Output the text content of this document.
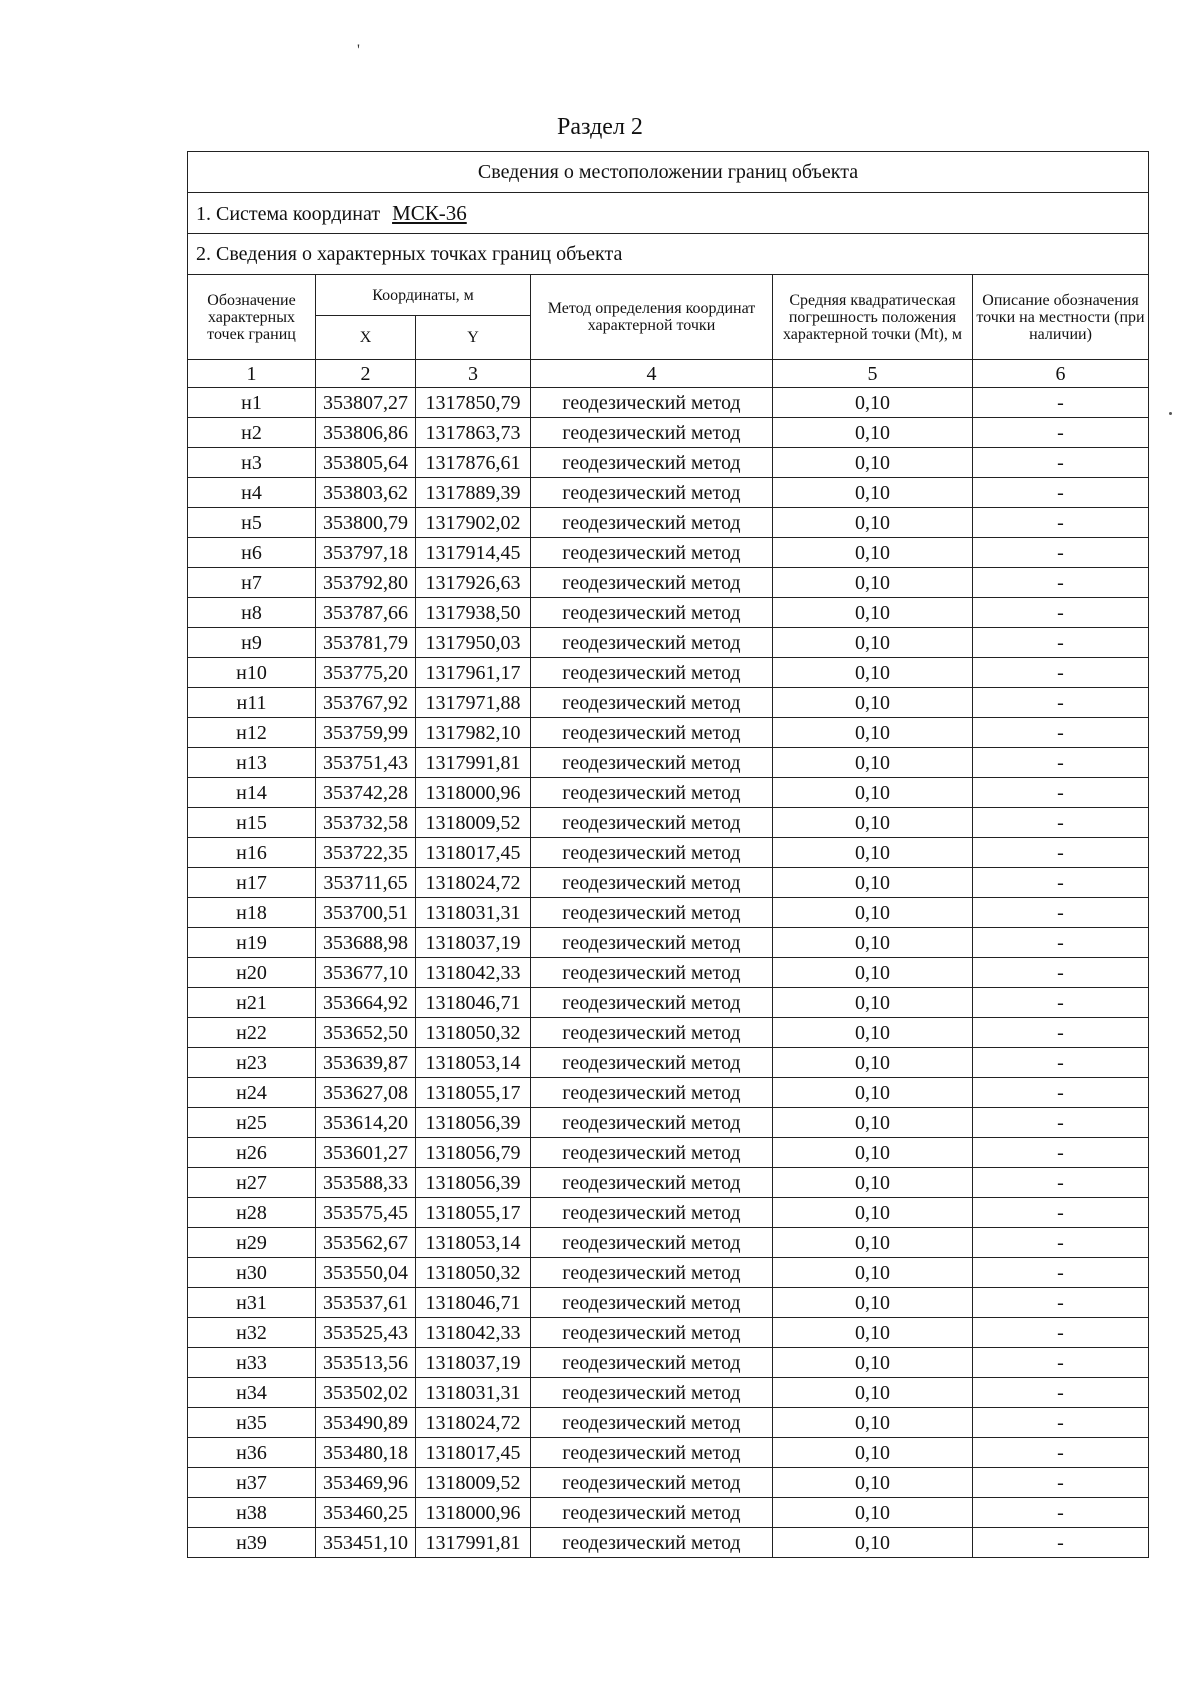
'
Раздел 2
Сведения о местоположении границ объекта					
1. Система координат МСК-36					
2. Сведения о характерных точках границ объекта					
Обозначение характерных точек границ	Координаты, м		Метод определения координат характерной точки	Средняя квадратическая погрешность положения характерной точки (Mt), м	Описание обозначения точки на местности (при наличии)
	X	Y			
1	2	3	4	5	6
н1	353807,27	1317850,79	геодезический метод	0,10	-
н2	353806,86	1317863,73	геодезический метод	0,10	-
н3	353805,64	1317876,61	геодезический метод	0,10	-
н4	353803,62	1317889,39	геодезический метод	0,10	-
н5	353800,79	1317902,02	геодезический метод	0,10	-
н6	353797,18	1317914,45	геодезический метод	0,10	-
н7	353792,80	1317926,63	геодезический метод	0,10	-
н8	353787,66	1317938,50	геодезический метод	0,10	-
н9	353781,79	1317950,03	геодезический метод	0,10	-
н10	353775,20	1317961,17	геодезический метод	0,10	-
н11	353767,92	1317971,88	геодезический метод	0,10	-
н12	353759,99	1317982,10	геодезический метод	0,10	-
н13	353751,43	1317991,81	геодезический метод	0,10	-
н14	353742,28	1318000,96	геодезический метод	0,10	-
н15	353732,58	1318009,52	геодезический метод	0,10	-
н16	353722,35	1318017,45	геодезический метод	0,10	-
н17	353711,65	1318024,72	геодезический метод	0,10	-
н18	353700,51	1318031,31	геодезический метод	0,10	-
н19	353688,98	1318037,19	геодезический метод	0,10	-
н20	353677,10	1318042,33	геодезический метод	0,10	-
н21	353664,92	1318046,71	геодезический метод	0,10	-
н22	353652,50	1318050,32	геодезический метод	0,10	-
н23	353639,87	1318053,14	геодезический метод	0,10	-
н24	353627,08	1318055,17	геодезический метод	0,10	-
н25	353614,20	1318056,39	геодезический метод	0,10	-
н26	353601,27	1318056,79	геодезический метод	0,10	-
н27	353588,33	1318056,39	геодезический метод	0,10	-
н28	353575,45	1318055,17	геодезический метод	0,10	-
н29	353562,67	1318053,14	геодезический метод	0,10	-
н30	353550,04	1318050,32	геодезический метод	0,10	-
н31	353537,61	1318046,71	геодезический метод	0,10	-
н32	353525,43	1318042,33	геодезический метод	0,10	-
н33	353513,56	1318037,19	геодезический метод	0,10	-
н34	353502,02	1318031,31	геодезический метод	0,10	-
н35	353490,89	1318024,72	геодезический метод	0,10	-
н36	353480,18	1318017,45	геодезический метод	0,10	-
н37	353469,96	1318009,52	геодезический метод	0,10	-
н38	353460,25	1318000,96	геодезический метод	0,10	-
н39	353451,10	1317991,81	геодезический метод	0,10	-
